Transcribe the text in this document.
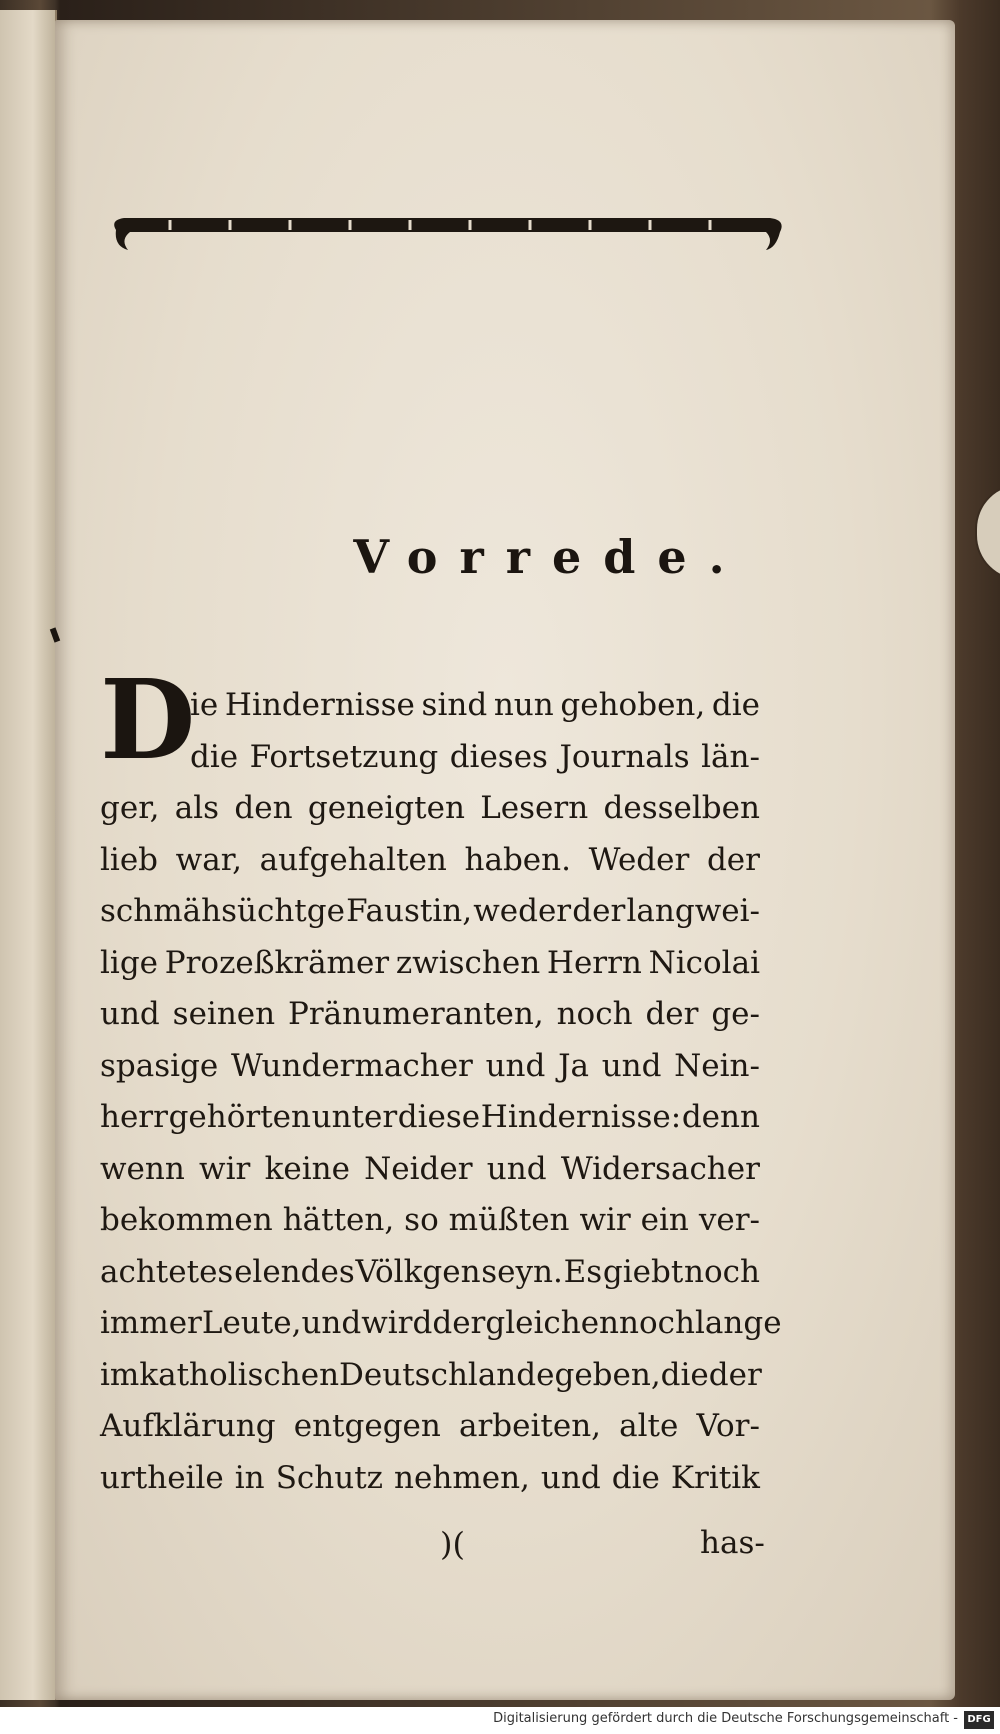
Vorrede.
D
ie Hindernisse sind nun gehoben, die
die Fortsetzung dieses Journals län-
ger, als den geneigten Lesern desselben
lieb war, aufgehalten haben. Weder der
schmähsüchtge Faustin, weder der langwei-
lige Prozeßkrämer zwischen Herrn Nicolai
und seinen Pränumeranten, noch der ge-
spasige Wundermacher und Ja und Nein-
herr gehörten unter diese Hindernisse: denn
wenn wir keine Neider und Widersacher
bekommen hätten, so müßten wir ein ver-
achtetes elendes Völkgen seyn. Es giebt noch
immer Leute, und wird dergleichen noch lange
im katholischen Deutschlande geben, die der
Aufklärung entgegen arbeiten, alte Vor-
urtheile in Schutz nehmen, und die Kritik
)(	has-
Digitalisierung gefördert durch die Deutsche Forschungsgemeinschaft - DFG
